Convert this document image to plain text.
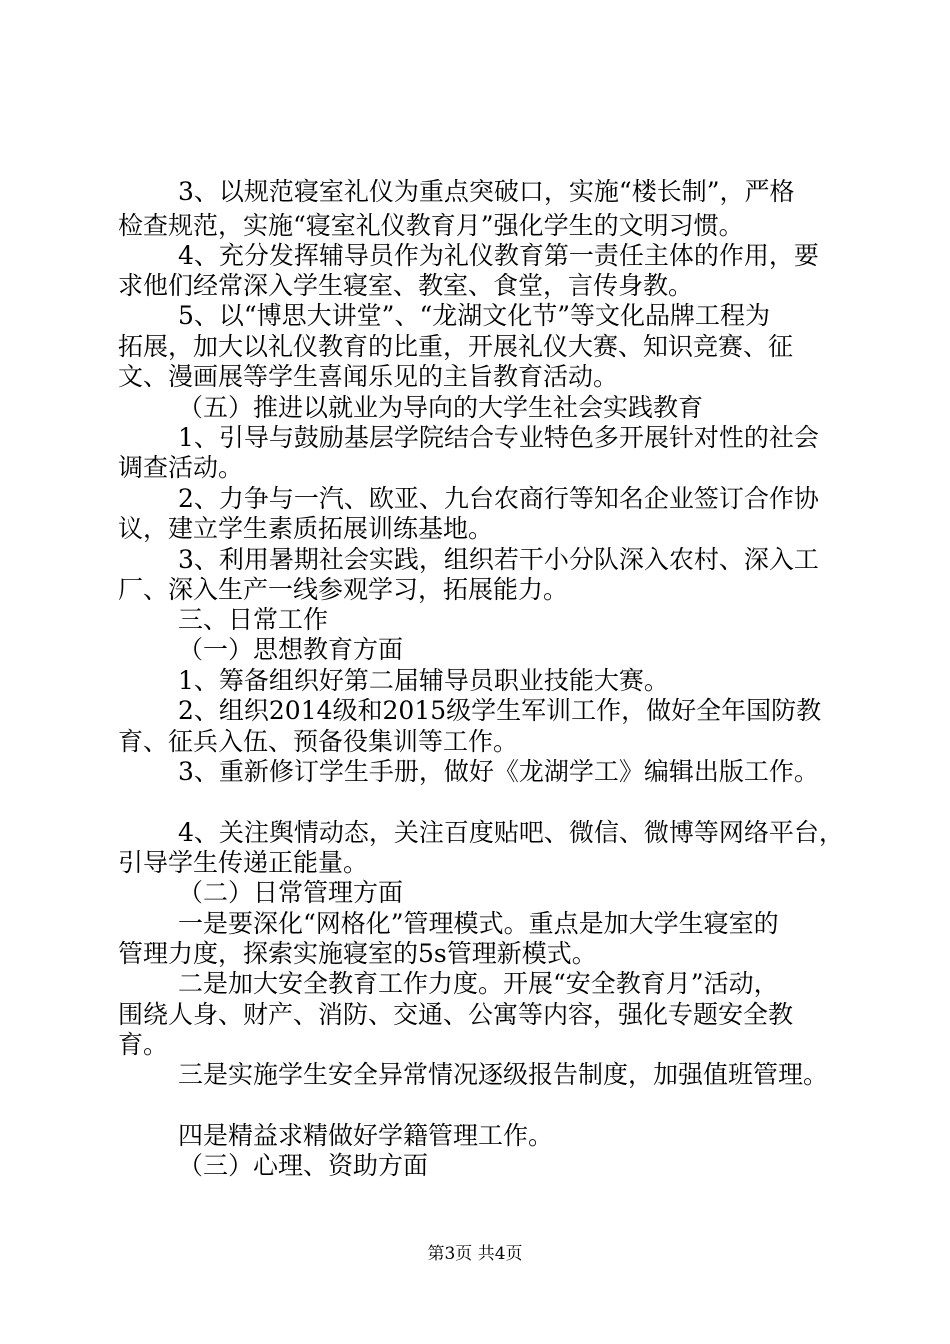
3、以规范寝室礼仪为重点突破口，实施“楼长制”，严格
检查规范，实施“寝室礼仪教育月”强化学生的文明习惯。
4、充分发挥辅导员作为礼仪教育第一责任主体的作用，要
求他们经常深入学生寝室、教室、食堂，言传身教。
5、以“博思大讲堂”、“龙湖文化节”等文化品牌工程为
拓展，加大以礼仪教育的比重，开展礼仪大赛、知识竞赛、征
文、漫画展等学生喜闻乐见的主旨教育活动。
（五）推进以就业为导向的大学生社会实践教育
1、引导与鼓励基层学院结合专业特色多开展针对性的社会
调查活动。
2、力争与一汽、欧亚、九台农商行等知名企业签订合作协
议，建立学生素质拓展训练基地。
3、利用暑期社会实践，组织若干小分队深入农村、深入工
厂、深入生产一线参观学习，拓展能力。
三、日常工作
（一）思想教育方面
1、筹备组织好第二届辅导员职业技能大赛。
2、组织2014级和2015级学生军训工作，做好全年国防教
育、征兵入伍、预备役集训等工作。
3、重新修订学生手册，做好《龙湖学工》编辑出版工作。
4、关注舆情动态，关注百度贴吧、微信、微博等网络平台，
引导学生传递正能量。
（二）日常管理方面
一是要深化“网格化”管理模式。重点是加大学生寝室的
管理力度，探索实施寝室的5s管理新模式。
二是加大安全教育工作力度。开展“安全教育月”活动，
围绕人身、财产、消防、交通、公寓等内容，强化专题安全教
育。
三是实施学生安全异常情况逐级报告制度，加强值班管理。
四是精益求精做好学籍管理工作。
（三）心理、资助方面
第3页 共4页
